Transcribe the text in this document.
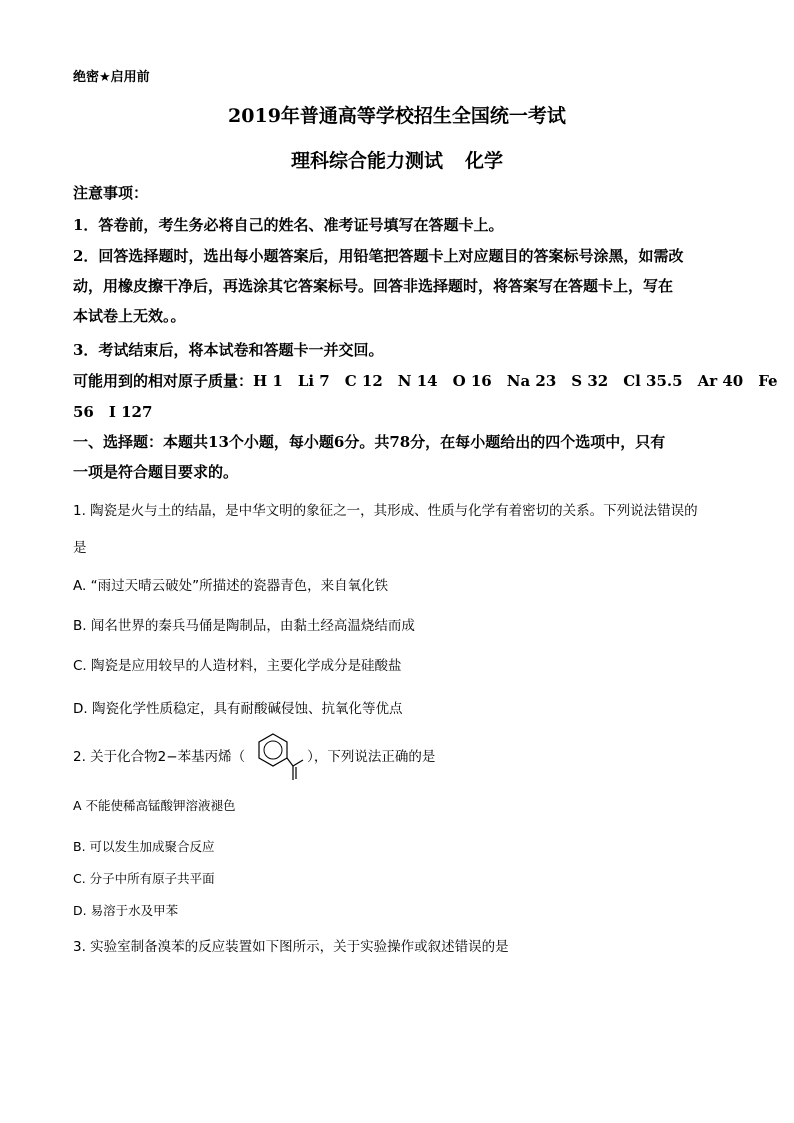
绝密★启用前
2019年普通高等学校招生全国统一考试
理科综合能力测试 化学
注意事项：
1．答卷前，考生务必将自己的姓名、准考证号填写在答题卡上。
2．回答选择题时，选出每小题答案后，用铅笔把答题卡上对应题目的答案标号涂黑，如需改
动，用橡皮擦干净后，再选涂其它答案标号。回答非选择题时，将答案写在答题卡上，写在
本试卷上无效。。
3．考试结束后，将本试卷和答题卡一并交回。
可能用到的相对原子质量：H 1　Li 7　C 12　N 14　O 16　Na 23　S 32　Cl 35.5　Ar 40　Fe
56　I 127
一、选择题：本题共13个小题，每小题6分。共78分，在每小题给出的四个选项中，只有
一项是符合题目要求的。
1. 陶瓷是火与土的结晶，是中华文明的象征之一，其形成、性质与化学有着密切的关系。下列说法错误的
是
A. “雨过天晴云破处”所描述的瓷器青色，来自氧化铁
B. 闻名世界的秦兵马俑是陶制品，由黏土经高温烧结而成
C. 陶瓷是应用较早的人造材料，主要化学成分是硅酸盐
D. 陶瓷化学性质稳定，具有耐酸碱侵蚀、抗氧化等优点
2. 关于化合物2−苯基丙烯（	），下列说法正确的是
A 不能使稀高锰酸钾溶液褪色
B. 可以发生加成聚合反应
C. 分子中所有原子共平面
D. 易溶于水及甲苯
3. 实验室制备溴苯的反应装置如下图所示，关于实验操作或叙述错误的是
